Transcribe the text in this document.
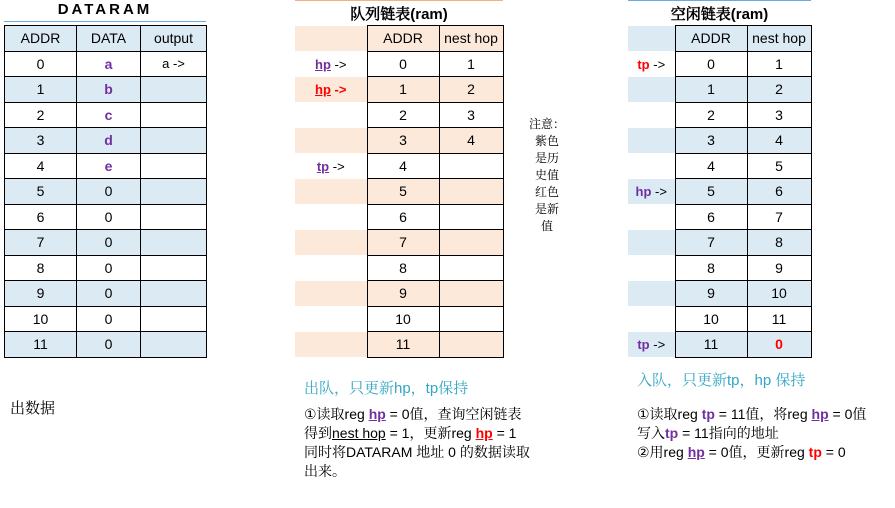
DATARAM
ADDR	DATA	output
0	a	a ->
1	b	
2	c	
3	d	
4	e	
5	0	
6	0	
7	0	
8	0	
9	0	
10	0	
11	0	
出数据
队列链表(ram)
	ADDR	nest hop
hp ->	0	1
hp ->	1	2
	2	3
	3	4
tp ->	4	
	5	
	6	
	7	
	8	
	9	
	10	
	11	
出队，只更新hp，tp保持
①读取reg hp = 0值，查询空闲链表
得到nest hop = 1，更新reg hp = 1
同时将DATARAM 地址 0 的数据读取
出来。
注意：
紫色
是历
史值
红色
是新
值
空闲链表(ram)
	ADDR	nest hop
tp ->	0	1
	1	2
	2	3
	3	4
	4	5
hp ->	5	6
	6	7
	7	8
	8	9
	9	10
	10	11
tp ->	11	0
入队，只更新tp，hp 保持
①读取reg tp = 11值，将reg hp = 0值
写入tp = 11指向的地址
②用reg hp = 0值，更新reg tp = 0
